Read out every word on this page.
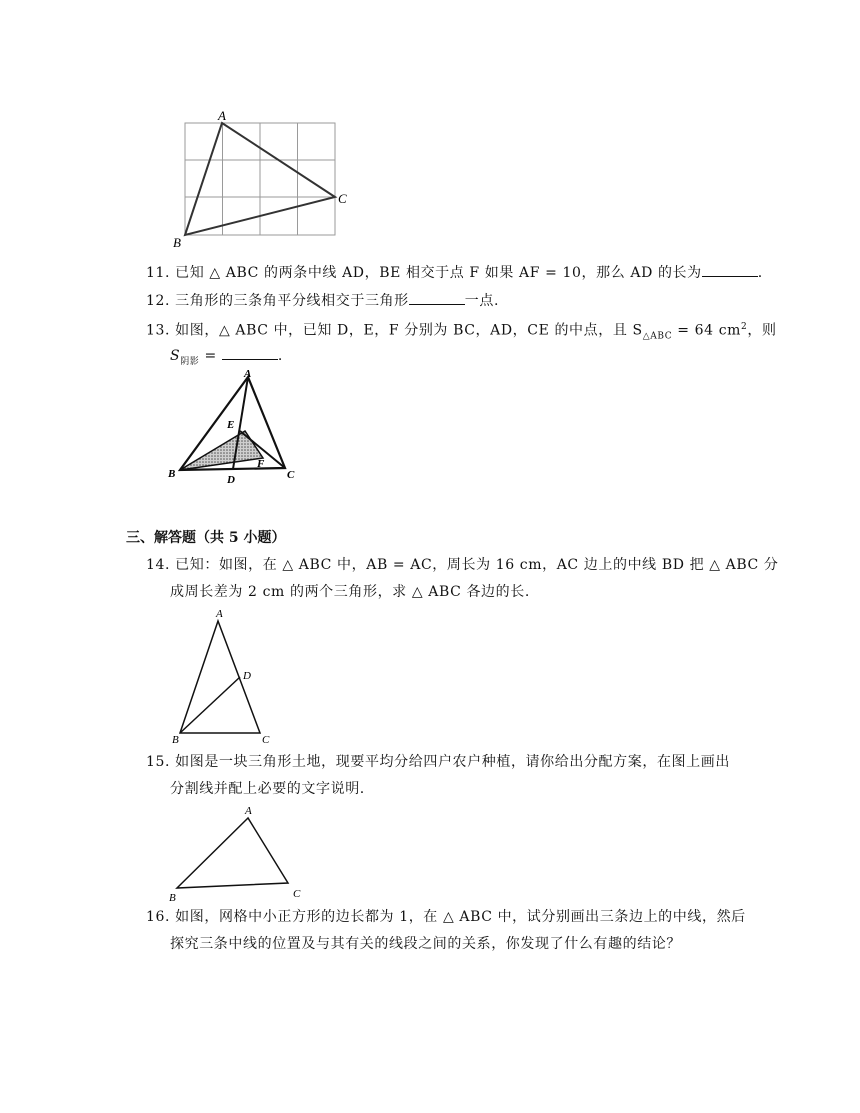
A
B
C
11. 已知 △ ABC 的两条中线 AD，BE 相交于点 F 如果 AF = 10，那么 AD 的长为	.
12. 三角形的三条角平分线相交于三角形	一点.
13. 如图，△ ABC 中，已知 D，E，F 分别为 BC，AD，CE 的中点，且 $S_{\triangle ABC} = 64$ $cm^2$，则
$S_{阴影}$ =	.
A
B	C
D
E
F
三、解答题（共 5 小题）
14. 已知：如图，在 △ ABC 中，AB = AC，周长为 16 cm，AC 边上的中线 BD 把 △ ABC 分
成周长差为 2 cm 的两个三角形，求 △ ABC 各边的长.
A
B	C
D
15. 如图是一块三角形土地，现要平均分给四户农户种植，请你给出分配方案，在图上画出
分割线并配上必要的文字说明.
A
B	C
16. 如图，网格中小正方形的边长都为 1，在 △ ABC 中，试分别画出三条边上的中线，然后
探究三条中线的位置及与其有关的线段之间的关系，你发现了什么有趣的结论？
